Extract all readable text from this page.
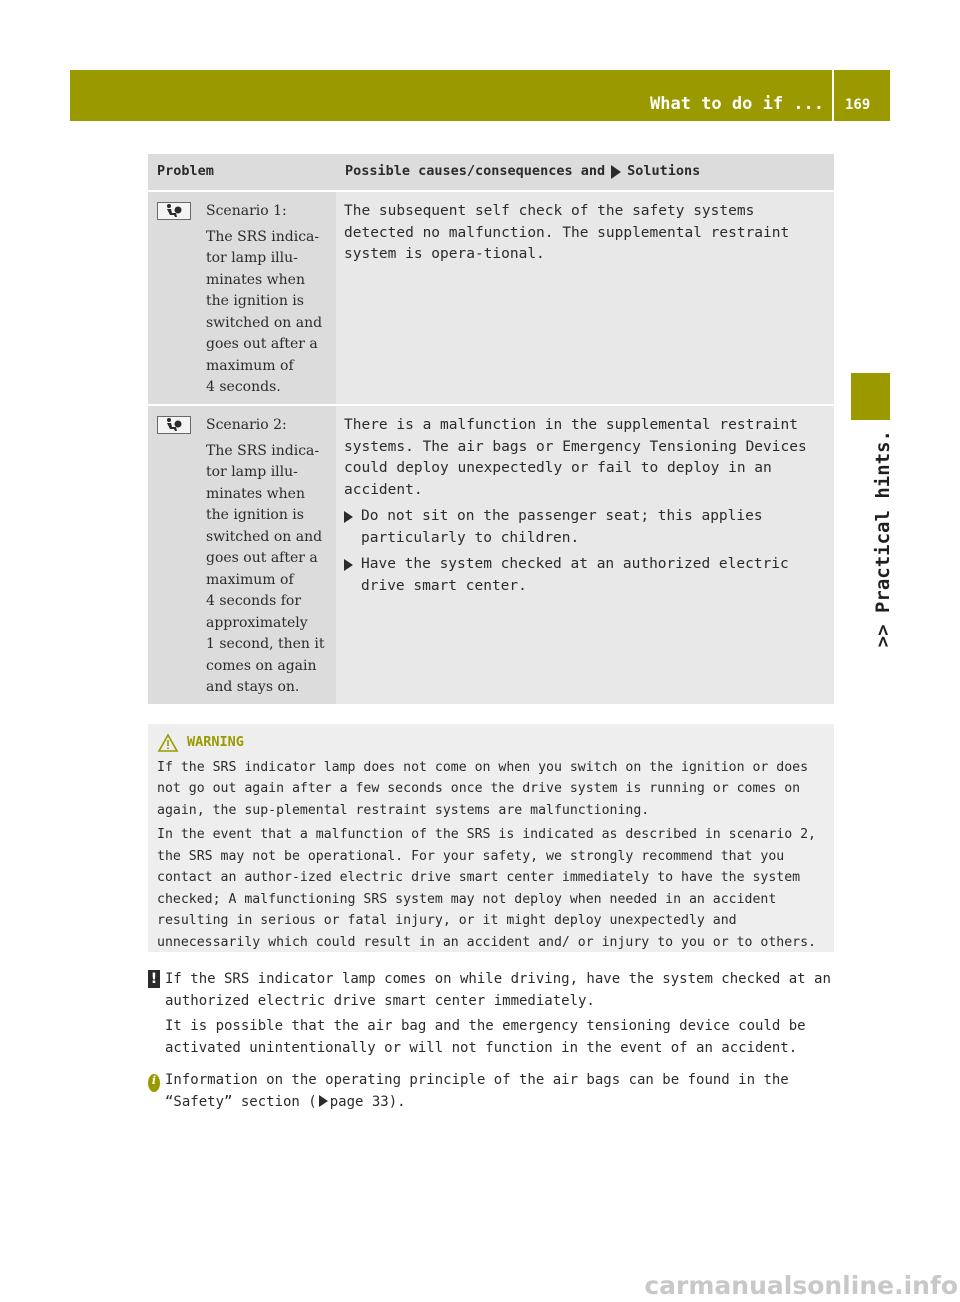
What to do if ... 169
>> Practical hints.
Problem	Possible causes/consequences and Solutions
Scenario 1:
The SRS indica-
tor lamp illu-
minates when
the ignition is
switched on and
goes out after a
maximum of
4 seconds.
The subsequent self check of the safety systems detected no malfunction. The supplemental restraint system is opera-tional.
Scenario 2:
The SRS indica-
tor lamp illu-
minates when
the ignition is
switched on and
goes out after a
maximum of
4 seconds for
approximately
1 second, then it
comes on again
and stays on.
There is a malfunction in the supplemental restraint systems. The air bags or Emergency Tensioning Devices could deploy unexpectedly or fail to deploy in an accident.
Do not sit on the passenger seat; this applies particularly to children.
Have the system checked at an authorized electric drive smart center.
WARNING
If the SRS indicator lamp does not come on when you switch on the ignition or does not go out again after a few seconds once the drive system is running or comes on again, the sup-plemental restraint systems are malfunctioning.
In the event that a malfunction of the SRS is indicated as described in scenario 2, the SRS may not be operational. For your safety, we strongly recommend that you contact an author-ized electric drive smart center immediately to have the system checked; A malfunctioning SRS system may not deploy when needed in an accident resulting in serious or fatal injury, or it might deploy unexpectedly and unnecessarily which could result in an accident and/ or injury to you or to others.
! If the SRS indicator lamp comes on while driving, have the system checked at an authorized electric drive smart center immediately.

It is possible that the air bag and the emergency tensioning device could be activated unintentionally or will not function in the event of an accident.

i Information on the operating principle of the air bags can be found in the “Safety” section ( page 33).

carmanualsonline.info
